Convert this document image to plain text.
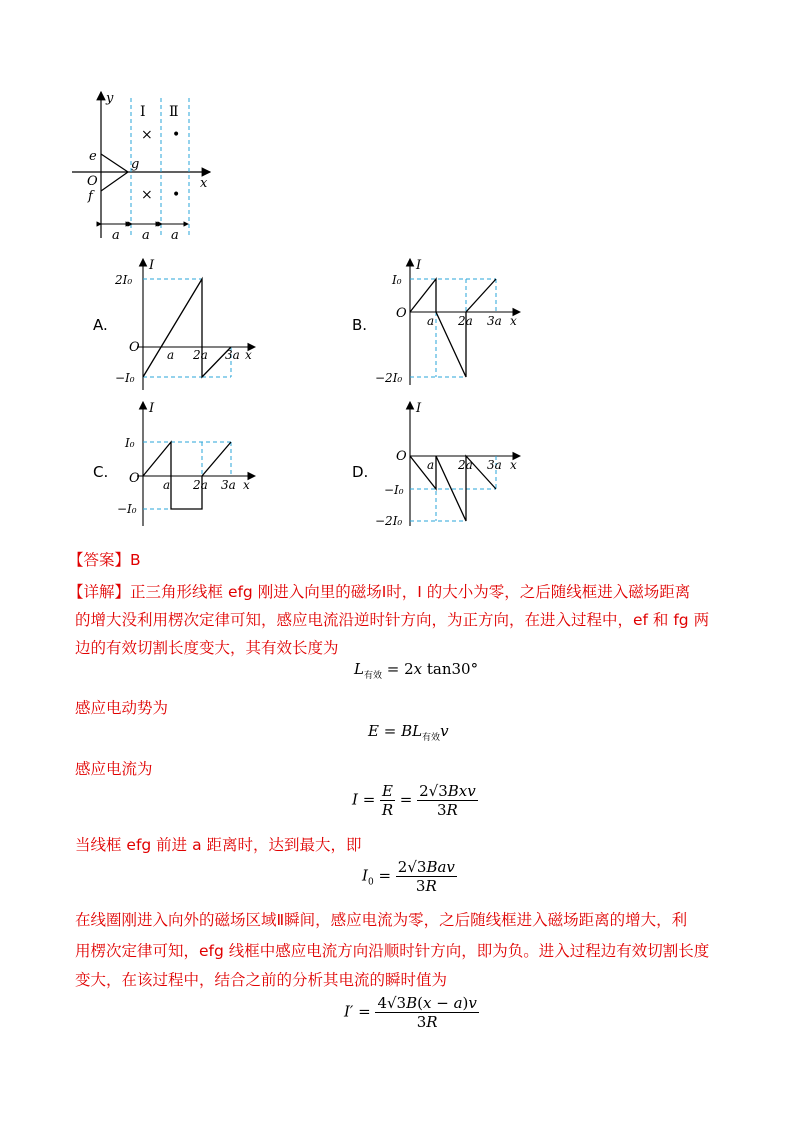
y
x
O
e
f
g
Ⅰ Ⅱ
× •
× •
a a a
A.
I
2I₀
−I₀
O a 2a 3a x
B.
I
I₀
−2I₀
O a 2a 3a x
C.
I
I₀
−I₀
O a 2a 3a x
D.
I
O
−I₀
−2I₀
a 2a 3a x
【答案】B
【详解】正三角形线框 efg 刚进入向里的磁场Ⅰ时，I 的大小为零，之后随线框进入磁场距离
的增大没利用楞次定律可知，感应电流沿逆时针方向，为正方向，在进入过程中，ef 和 fg 两
边的有效切割长度变大，其有效长度为
$L_{有效} = 2x$ tan30°
感应电动势为
$E = BL_{有效}v$
感应电流为
$I = \frac{E}{R} = \frac{\text{2√3Bxv}}{3R}$
当线框 efg 前进 a 距离时，达到最大，即
$I_0 = \frac{\text{2√3Bav}}{3R}$
在线圈刚进入向外的磁场区域Ⅱ瞬间，感应电流为零，之后随线框进入磁场距离的增大，利
用楞次定律可知，efg 线框中感应电流方向沿顺时针方向，即为负。进入过程边有效切割长度
变大，在该过程中，结合之前的分析其电流的瞬时值为
$I' = \frac{4√3B(x - a)v}{3R}$
